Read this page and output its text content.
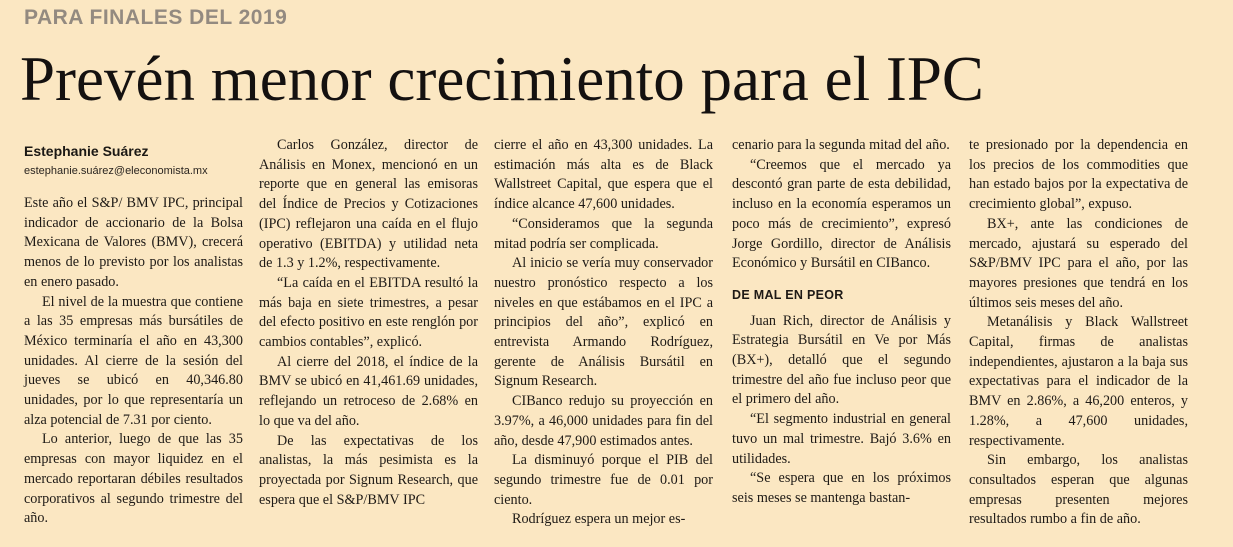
PARA FINALES DEL 2019
Prevén menor crecimiento para el IPC
Estephanie Suárez
estephanie.suárez@eleconomista.mx

Este año el S&P/ BMV IPC, principal indicador de accionario de la Bolsa Mexicana de Valores (BMV), crecerá menos de lo previsto por los analistas en enero pasado.

El nivel de la muestra que contiene a las 35 empresas más bursátiles de México terminaría el año en 43,300 unidades. Al cierre de la sesión del jueves se ubicó en 40,346.80 unidades, por lo que representaría un alza potencial de 7.31 por ciento.

Lo anterior, luego de que las 35 empresas con mayor liquidez en el mercado reportaran débiles resultados corporativos al segundo trimestre del año.

Carlos González, director de Análisis en Monex, mencionó en un reporte que en general las emisoras del Índice de Precios y Cotizaciones (IPC) reflejaron una caída en el flujo operativo (EBITDA) y utilidad neta de 1.3 y 1.2%, respectivamente.

“La caída en el EBITDA resultó la más baja en siete trimestres, a pesar del efecto positivo en este renglón por cambios contables”, explicó.

Al cierre del 2018, el índice de la BMV se ubicó en 41,461.69 unidades, reflejando un retroceso de 2.68% en lo que va del año.

De las expectativas de los analistas, la más pesimista es la proyectada por Signum Research, que espera que el S&P/BMV IPC

cierre el año en 43,300 unidades. La estimación más alta es de Black Wallstreet Capital, que espera que el índice alcance 47,600 unidades.

“Consideramos que la segunda mitad podría ser complicada.

Al inicio se vería muy conservador nuestro pronóstico respecto a los niveles en que estábamos en el IPC a principios del año”, explicó en entrevista Armando Rodríguez, gerente de Análisis Bursátil en Signum Research.

CIBanco redujo su proyección en 3.97%, a 46,000 unidades para fin del año, desde 47,900 estimados antes.

La disminuyó porque el PIB del segundo trimestre fue de 0.01 por ciento.

Rodríguez espera un mejor es-

cenario para la segunda mitad del año.

“Creemos que el mercado ya descontó gran parte de esta debilidad, incluso en la economía esperamos un poco más de crecimiento”, expresó Jorge Gordillo, director de Análisis Económico y Bursátil en CIBanco.

DE MAL EN PEOR

Juan Rich, director de Análisis y Estrategia Bursátil en Ve por Más (BX+), detalló que el segundo trimestre del año fue incluso peor que el primero del año.

“El segmento industrial en general tuvo un mal trimestre. Bajó 3.6% en utilidades.

“Se espera que en los próximos seis meses se mantenga bastan-

te presionado por la dependencia en los precios de los commodities que han estado bajos por la expectativa de crecimiento global”, expuso.

BX+, ante las condiciones de mercado, ajustará su esperado del S&P/BMV IPC para el año, por las mayores presiones que tendrá en los últimos seis meses del año.

Metanálisis y Black Wallstreet Capital, firmas de analistas independientes, ajustaron a la baja sus expectativas para el indicador de la BMV en 2.86%, a 46,200 enteros, y 1.28%, a 47,600 unidades, respectivamente.

Sin embargo, los analistas consultados esperan que algunas empresas presenten mejores resultados rumbo a fin de año.
